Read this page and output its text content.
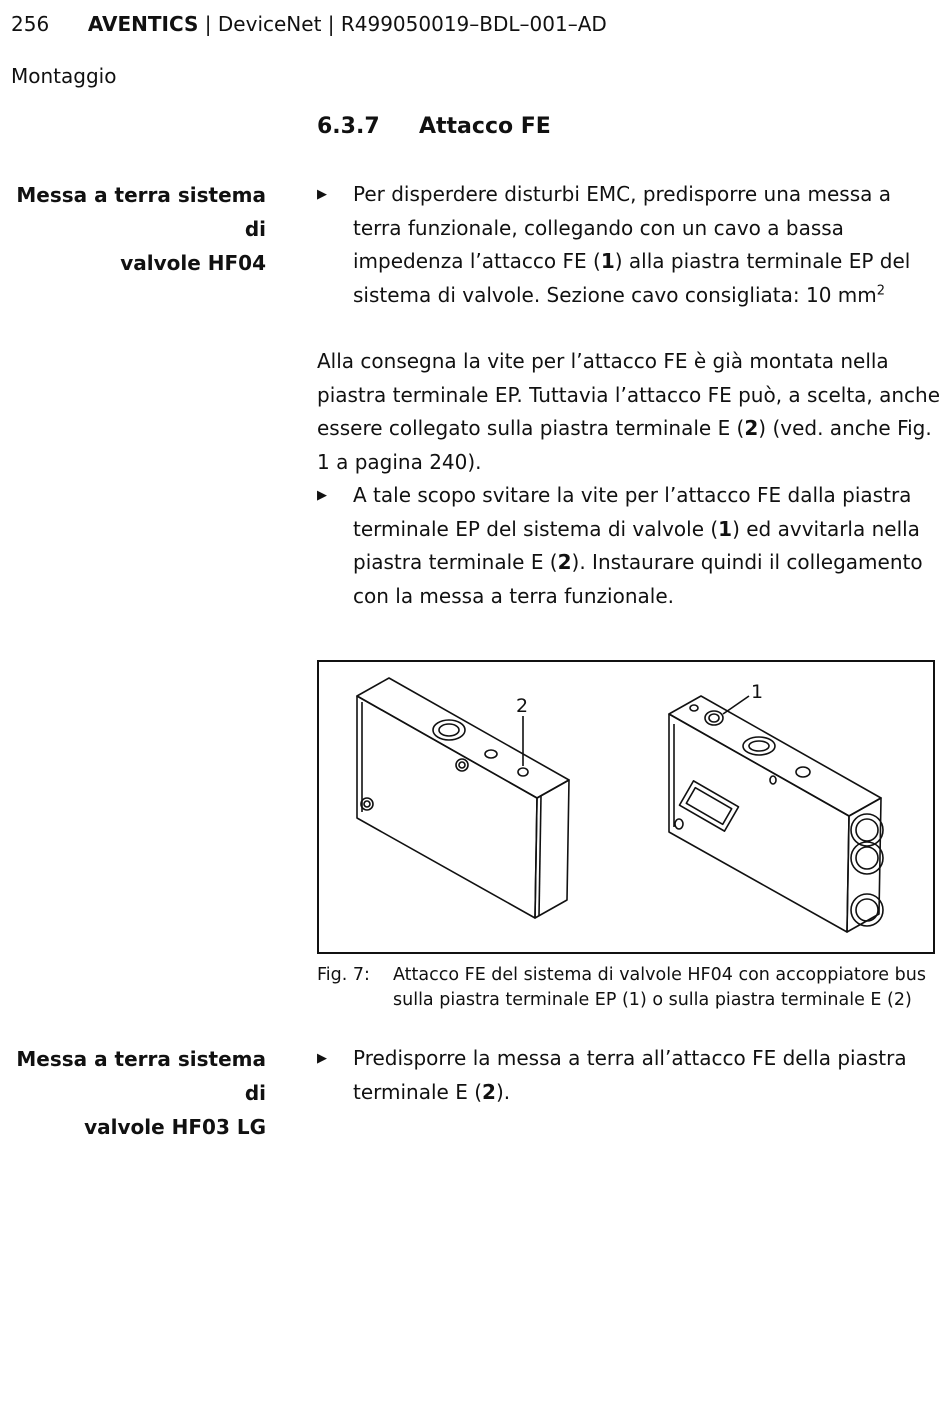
256 AVENTICS | DeviceNet | R499050019–BDL–001–AD
Montaggio
6.3.7 Attacco FE
Messa a terra sistema di
valvole HF04
▶ Per disperdere disturbi EMC, predisporre una messa a terra funzionale, collegando con un cavo a bassa impedenza l’attacco FE (1) alla piastra terminale EP del sistema di valvole. Sezione cavo consigliata: 10 $mm^2$
Alla consegna la vite per l’attacco FE è già montata nella piastra terminale EP. Tuttavia l’attacco FE può, a scelta, anche essere collegato sulla piastra terminale E (2) (ved. anche Fig. 1 a pagina 240).
▶ A tale scopo svitare la vite per l’attacco FE dalla piastra terminale EP del sistema di valvole (1) ed avvitarla nella piastra terminale E (2). Instaurare quindi il collegamento con la messa a terra funzionale.
2
1
Fig. 7: Attacco FE del sistema di valvole HF04 con accoppiatore bus sulla piastra terminale EP (1) o sulla piastra terminale E (2)
Messa a terra sistema di
valvole HF03 LG
▶ Predisporre la messa a terra all’attacco FE della piastra terminale E (2).
